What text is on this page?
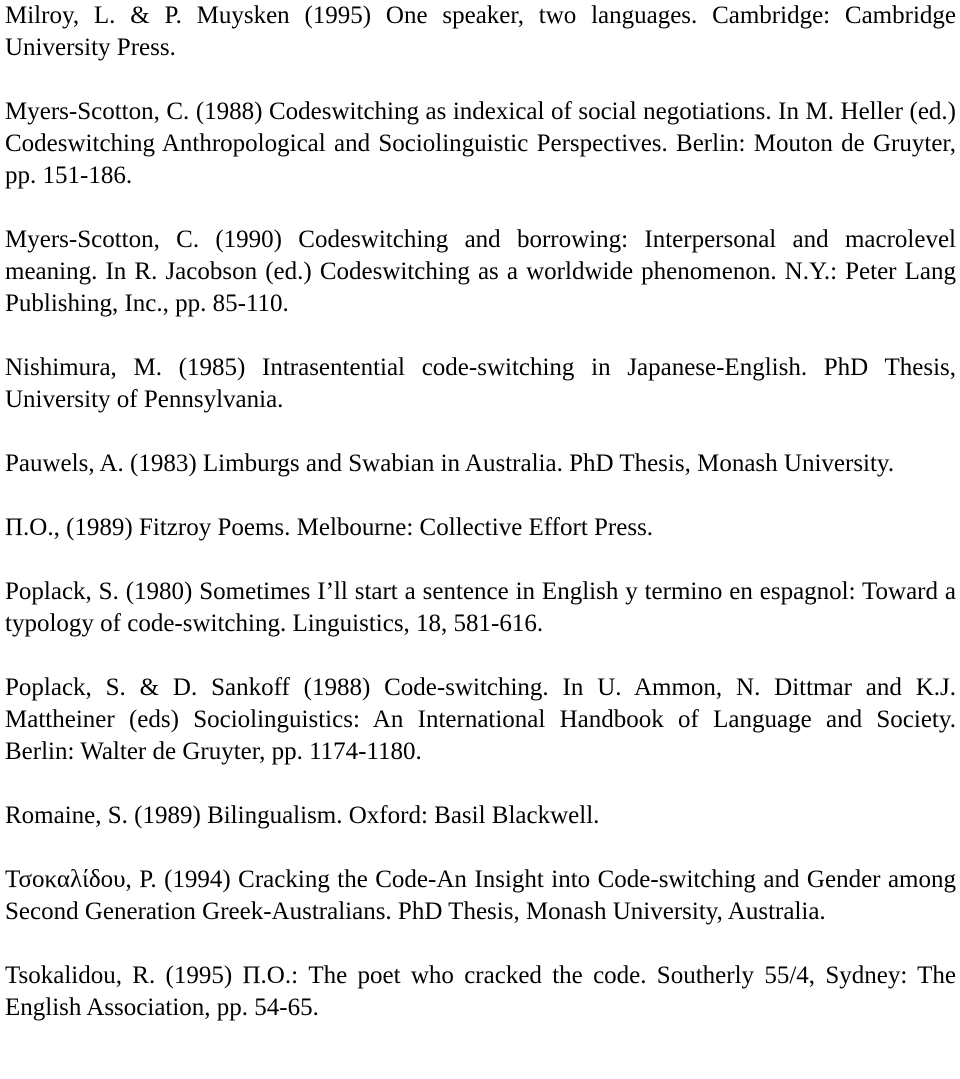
Milroy, L. & P. Muysken (1995) One speaker, two languages. Cambridge: Cambridge University Press.

Myers-Scotton, C. (1988) Codeswitching as indexical of social negotiations. In M. Heller (ed.) Codeswitching Anthropological and Sociolinguistic Perspectives. Berlin: Mouton de Gruyter, pp. 151-186.

Myers-Scotton, C. (1990) Codeswitching and borrowing: Interpersonal and macrolevel meaning. In R. Jacobson (ed.) Codeswitching as a worldwide phenomenon. N.Y.: Peter Lang Publishing, Inc., pp. 85-110.

Nishimura, M. (1985) Intrasentential code-switching in Japanese-English. PhD Thesis, University of Pennsylvania.

Pauwels, A. (1983) Limburgs and Swabian in Australia. PhD Thesis, Monash University.

Π.Ο., (1989) Fitzroy Poems. Melbourne: Collective Effort Press.

Poplack, S. (1980) Sometimes I’ll start a sentence in English y termino en espagnol: Toward a typology of code-switching. Linguistics, 18, 581-616.

Poplack, S. & D. Sankoff (1988) Code-switching. In U. Ammon, N. Dittmar and K.J. Mattheiner (eds) Sociolinguistics: An International Handbook of Language and Society. Berlin: Walter de Gruyter, pp. 1174-1180.

Romaine, S. (1989) Bilingualism. Oxford: Basil Blackwell.

Τσοκαλίδου, Ρ. (1994) Cracking the Code-An Insight into Code-switching and Gender among Second Generation Greek-Australians. PhD Thesis, Monash University, Australia.

Tsokalidou, R. (1995) Π.Ο.: The poet who cracked the code. Southerly 55/4, Sydney: The English Association, pp. 54-65.
